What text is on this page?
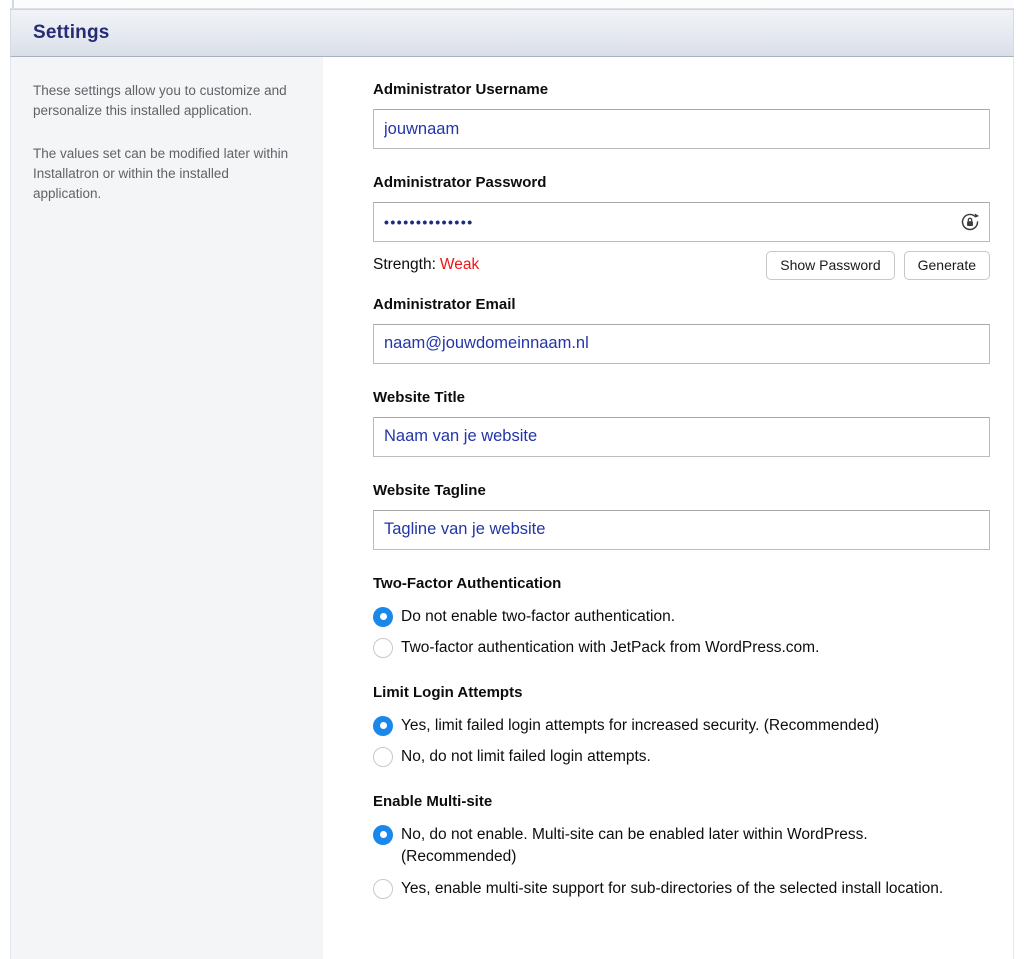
Settings

These settings allow you to customize and personalize this installed application.

The values set can be modified later within Installatron or within the installed application.

Administrator Username
jouwnaam
Administrator Password
••••••••••••••
Strength: Weak	Show Password	Generate
Administrator Email
naam@jouwdomeinnaam.nl
Website Title
Naam van je website
Website Tagline
Tagline van je website
Two-Factor Authentication
Do not enable two-factor authentication.
Two-factor authentication with JetPack from WordPress.com.
Limit Login Attempts
Yes, limit failed login attempts for increased security. (Recommended)
No, do not limit failed login attempts.
Enable Multi-site
No, do not enable. Multi-site can be enabled later within WordPress. (Recommended)
Yes, enable multi-site support for sub-directories of the selected install location.
